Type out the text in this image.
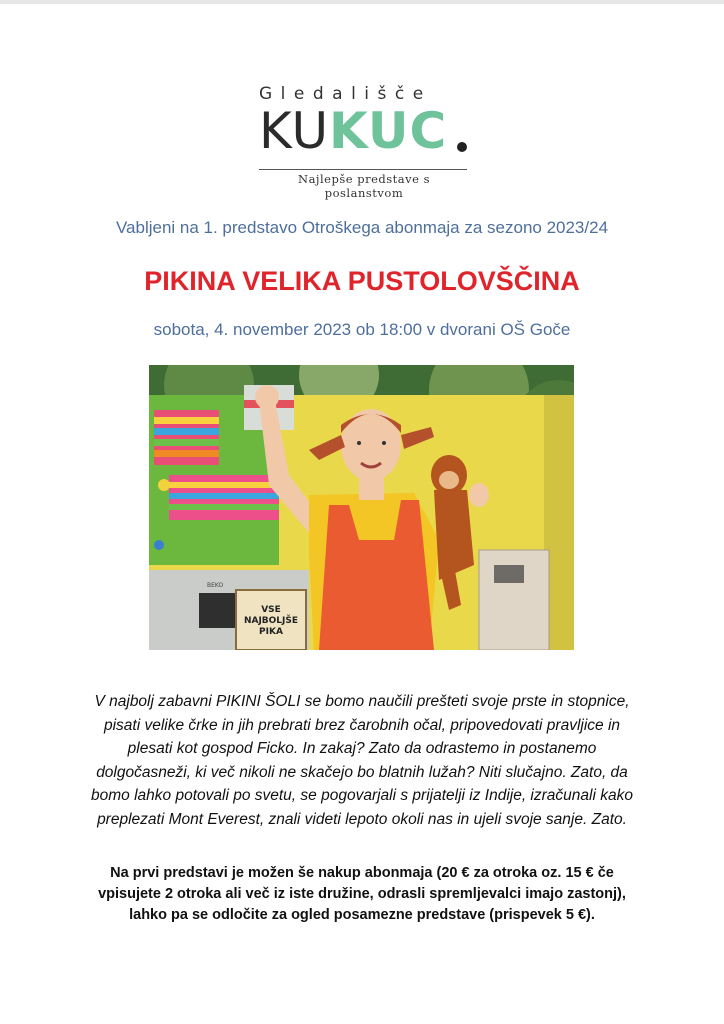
Gledališče
KUKUC
Najlepše predstave s poslanstvom
Vabljeni na 1. predstavo Otroškega abonmaja za sezono 2023/24
PIKINA VELIKA PUSTOLOVŠČINA
sobota, 4. november 2023 ob 18:00 v dvorani OŠ Goče
BEKO
VSE
NAJBOLJŠE
PIKA
V najbolj zabavni PIKINI ŠOLI se bomo naučili prešteti svoje prste in stopnice, pisati velike črke in jih prebrati brez čarobnih očal, pripovedovati pravljice in plesati kot gospod Ficko. In zakaj? Zato da odrastemo in postanemo dolgočasneži, ki več nikoli ne skačejo bo blatnih lužah? Niti slučajno. Zato, da bomo lahko potovali po svetu, se pogovarjali s prijatelji iz Indije, izračunali kako preplezati Mont Everest, znali videti lepoto okoli nas in ujeli svoje sanje. Zato.
Na prvi predstavi je možen še nakup abonmaja (20 € za otroka oz. 15 € če vpisujete 2 otroka ali več iz iste družine, odrasli spremljevalci imajo zastonj), lahko pa se odločite za ogled posamezne predstave (prispevek 5 €).
